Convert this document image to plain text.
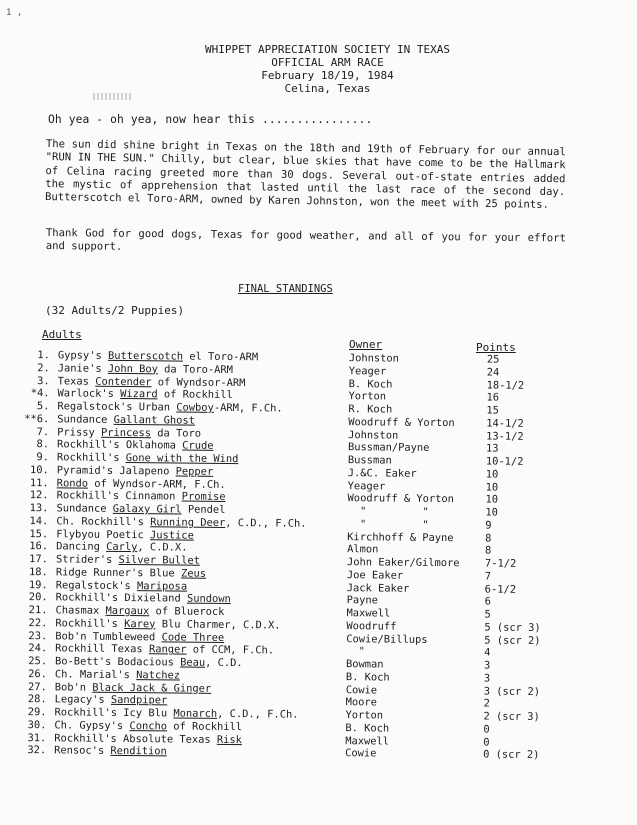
1 ,
WHIPPET APPRECIATION SOCIETY IN TEXAS
OFFICIAL ARM RACE
February 18/19, 1984
Celina, Texas
Oh yea - oh yea, now hear this ................
The sun did shine bright in Texas on the 18th and 19th of February for our annual "RUN IN THE SUN." Chilly, but clear, blue skies that have come to be the Hallmark of Celina racing greeted more than 30 dogs. Several out-of-state entries added the mystic of apprehension that lasted until the last race of the second day. Butterscotch el Toro-ARM, owned by Karen Johnston, won the meet with 25 points.
Thank God for good dogs, Texas for good weather, and all of you for your effort and support.
FINAL STANDINGS
(32 Adults/2 Puppies)
Adults
Owner	Points
1. Gypsy's Butterscotch el Toro-ARM	Johnston	25
2. Janie's John Boy da Toro-ARM	Yeager	24
3. Texas Contender of Wyndsor-ARM	B. Koch	18-1/2
*4. Warlock's Wizard of Rockhill	Yorton	16
5. Regalstock's Urban Cowboy-ARM, F.Ch.	R. Koch	15
**6. Sundance Gallant Ghost	Woodruff & Yorton	14-1/2
7. Prissy Princess da Toro	Johnston	13-1/2
8. Rockhill's Oklahoma Crude	Bussman/Payne	13
9. Rockhill's Gone with the Wind	Bussman	10-1/2
10. Pyramid's Jalapeno Pepper	J.&C. Eaker	10
11. Rondo of Wyndsor-ARM, F.Ch.	Yeager	10
12. Rockhill's Cinnamon Promise	Woodruff & Yorton	10
13. Sundance Galaxy Girl Pendel	"         "	10
14. Ch. Rockhill's Running Deer, C.D., F.Ch.	"         "	9
15. Flybyou Poetic Justice	Kirchhoff & Payne	8
16. Dancing Carly, C.D.X.	Almon	8
17. Strider's Silver Bullet	John Eaker/Gilmore 7-1/2
18. Ridge Runner's Blue Zeus	Joe Eaker	7
19. Regalstock's Mariposa	Jack Eaker	6-1/2
20. Rockhill's Dixieland Sundown	Payne	6
21. Chasmax Margaux of Bluerock	Maxwell	5
22. Rockhill's Karey Blu Charmer, C.D.X.	Woodruff	5 (scr 3)
23. Bob'n Tumbleweed Code Three	Cowie/Billups	5 (scr 2)
24. Rockhill Texas Ranger of CCM, F.Ch.	"	4
25. Bo-Bett's Bodacious Beau, C.D.	Bowman	3
26. Ch. Marial's Natchez	B. Koch	3
27. Bob'n Black Jack & Ginger	Cowie	3 (scr 2)
28. Legacy's Sandpiper	Moore	2
29. Rockhill's Icy Blu Monarch, C.D., F.Ch.	Yorton	2 (scr 3)
30. Ch. Gypsy's Concho of Rockhill	B. Koch	0
31. Rockhill's Absolute Texas Risk	Maxwell	0
32. Rensoc's Rendition	Cowie	0 (scr 2)
